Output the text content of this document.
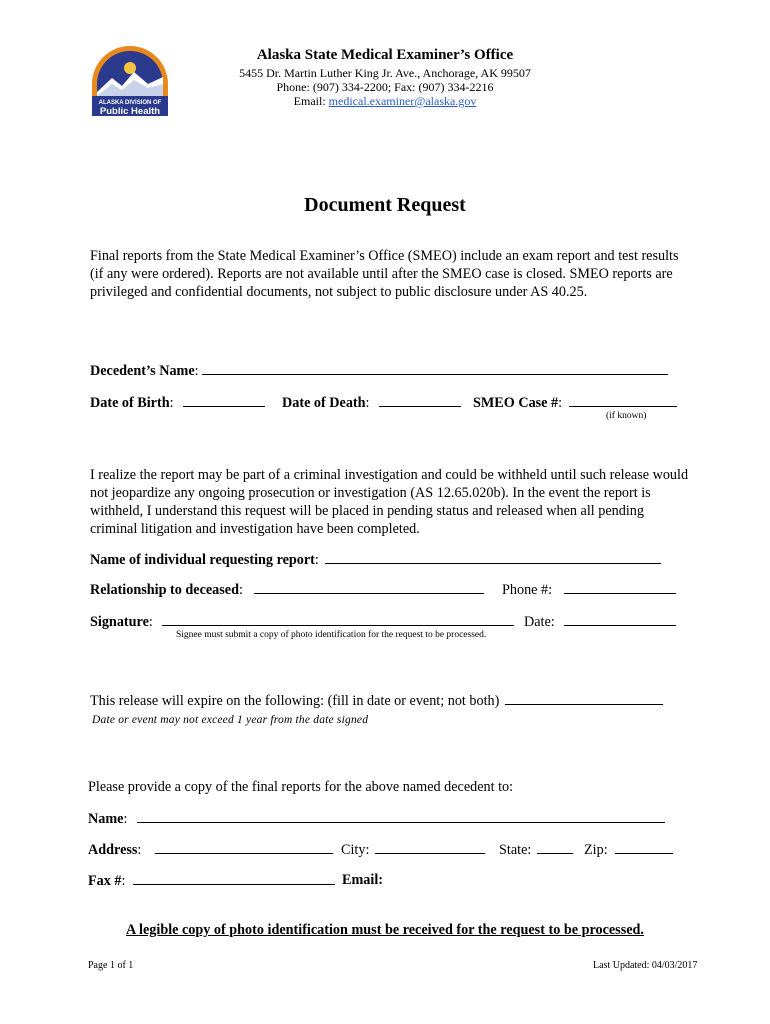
ALASKA DIVISION OF
Public Health
Alaska State Medical Examiner’s Office
5455 Dr. Martin Luther King Jr. Ave., Anchorage, AK 99507
Phone: (907) 334-2200; Fax: (907) 334-2216
Email: medical.examiner@alaska.gov
Document Request
Final reports from the State Medical Examiner’s Office (SMEO) include an exam report and test results (if any were ordered). Reports are not available until after the SMEO case is closed. SMEO reports are privileged and confidential documents, not subject to public disclosure under AS 40.25.
Decedent’s Name:
Date of Birth:	Date of Death:	SMEO Case #:
(if known)
I realize the report may be part of a criminal investigation and could be withheld until such release would not jeopardize any ongoing prosecution or investigation (AS 12.65.020b). In the event the report is withheld, I understand this request will be placed in pending status and released when all pending criminal litigation and investigation have been completed.
Name of individual requesting report:
Relationship to deceased:	Phone #:
Signature:	Date:
Signee must submit a copy of photo identification for the request to be processed.
This release will expire on the following: (fill in date or event; not both)
Date or event may not exceed 1 year from the date signed
Please provide a copy of the final reports for the above named decedent to:
Name:
Address:	City:	State:	Zip:
Fax #:	Email:
A legible copy of photo identification must be received for the request to be processed.
Page 1 of 1	Last Updated: 04/03/2017
